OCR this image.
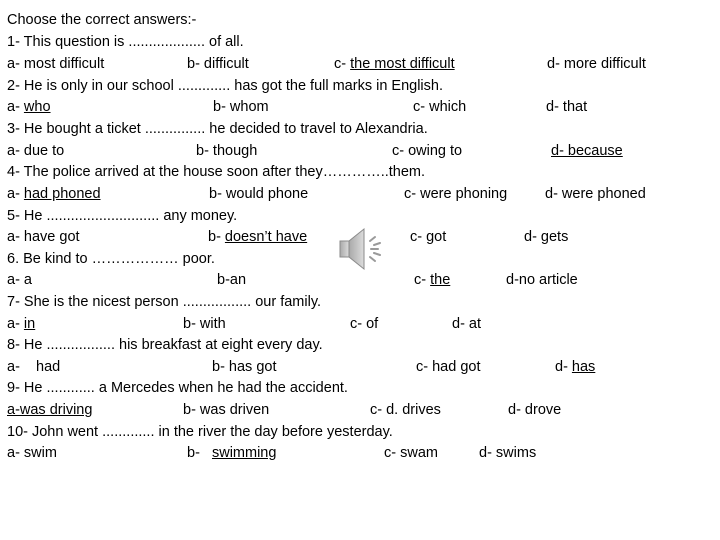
Choose the correct answers:-
1- This question is ................... of all.
a- most difficult	b- difficult	c- the most difficult	d- more difficult
2- He is only in our school ............. has got the full marks in English.
a- who	b- whom	c- which	d- that
3- He bought a ticket ............... he decided to travel to Alexandria.
a- due to	b- though	c- owing to	d- because
4- The police arrived at the house soon after they…………..them.
a- had phoned	b- would phone	c- were phoning	d- were phoned
5- He ............................ any money.
a- have got	b- doesn’t have	c- got	d- gets
6. Be kind to ……………… poor.
a- a	b-an	c- the	d-no article
7- She is the nicest person ................. our family.
a- in	b- with	c- of	d- at
8- He ................. his breakfast at eight every day.
a-    had	b- has got	c- had got	d- has
9- He ............ a Mercedes when he had the accident.
a-was driving	b- was driven	c- d. drives	d- drove
10- John went ............. in the river the day before yesterday.
a- swim	b-   swimming	c- swam	d- swims
